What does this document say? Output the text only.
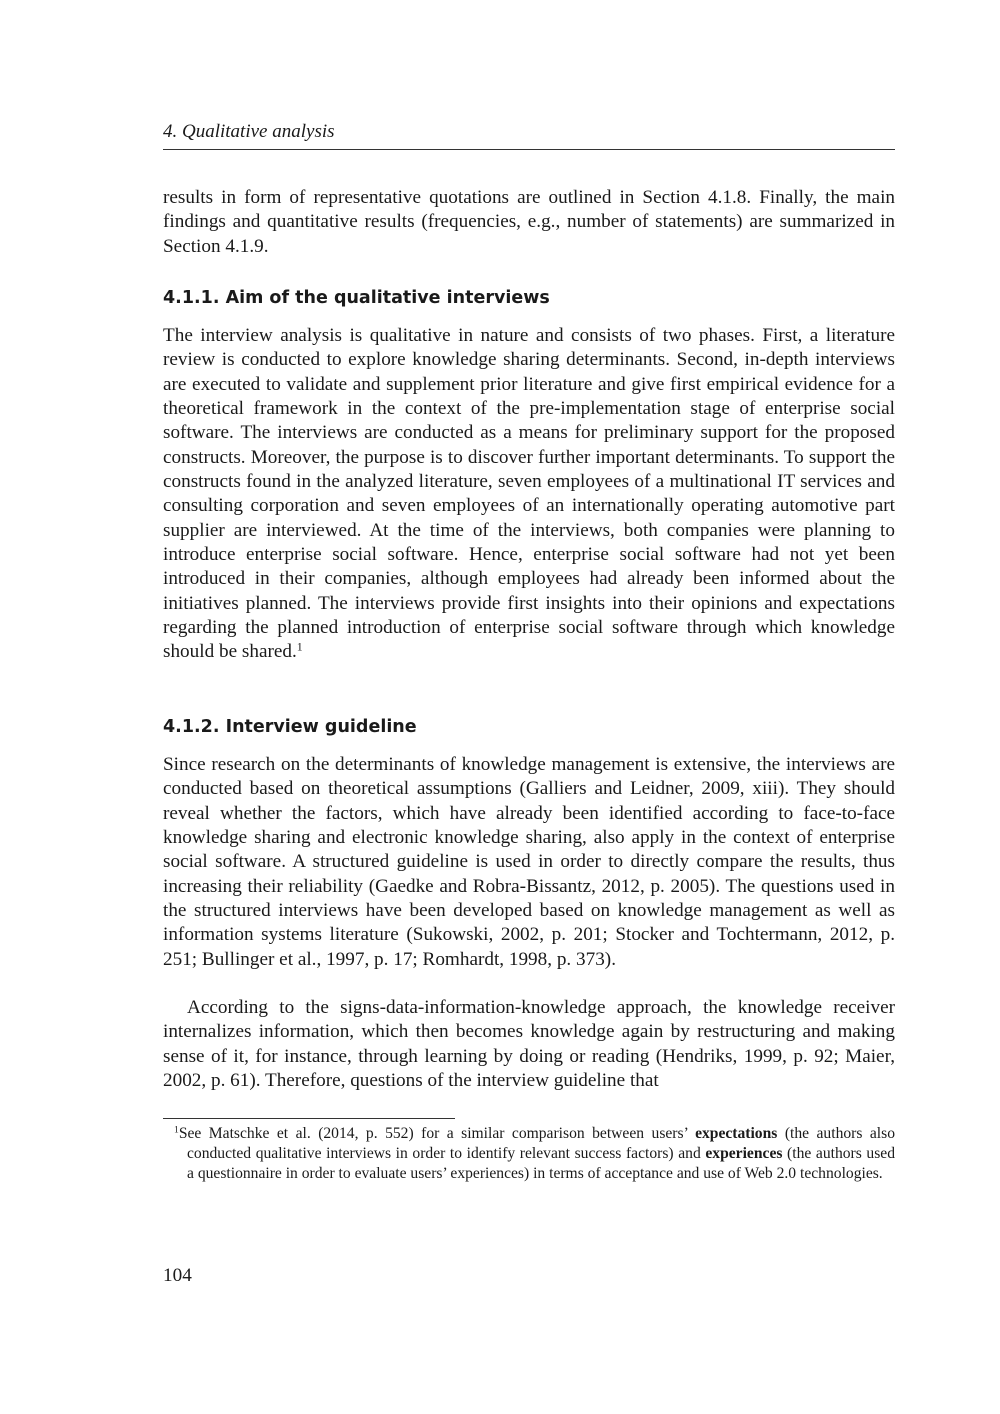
4. Qualitative analysis

results in form of representative quotations are outlined in Section 4.1.8. Finally, the main findings and quantitative results (frequencies, e.g., number of statements) are summarized in Section 4.1.9.

4.1.1. Aim of the qualitative interviews

The interview analysis is qualitative in nature and consists of two phases. First, a literature review is conducted to explore knowledge sharing determinants. Second, in-depth interviews are executed to validate and supplement prior literature and give first empirical evidence for a theoretical framework in the context of the pre-implementation stage of enterprise social software. The interviews are conducted as a means for preliminary support for the proposed constructs. Moreover, the purpose is to discover further important determinants. To support the constructs found in the analyzed literature, seven employees of a multinational IT services and consulting corporation and seven employees of an internationally operating automotive part supplier are interviewed. At the time of the interviews, both companies were planning to introduce enterprise social software. Hence, enterprise social software had not yet been introduced in their companies, although employees had already been informed about the initiatives planned. The interviews provide first insights into their opinions and expectations regarding the planned introduction of enterprise social software through which knowledge should be shared.$^1$

4.1.2. Interview guideline

Since research on the determinants of knowledge management is extensive, the interviews are conducted based on theoretical assumptions (Galliers and Leidner, 2009, xiii). They should reveal whether the factors, which have already been identified according to face-to-face knowledge sharing and electronic knowledge sharing, also apply in the context of enterprise social software. A structured guideline is used in order to directly compare the results, thus increasing their reliability (Gaedke and Robra-Bissantz, 2012, p. 2005). The questions used in the structured interviews have been developed based on knowledge management as well as information systems literature (Sukowski, 2002, p. 201; Stocker and Tochtermann, 2012, p. 251; Bullinger et al., 1997, p. 17; Romhardt, 1998, p. 373).

According to the signs-data-information-knowledge approach, the knowledge receiver internalizes information, which then becomes knowledge again by restructuring and making sense of it, for instance, through learning by doing or reading (Hendriks, 1999, p. 92; Maier, 2002, p. 61). Therefore, questions of the interview guideline that

$^1$See Matschke et al. (2014, p. 552) for a similar comparison between users’ expectations (the authors also conducted qualitative interviews in order to identify relevant success factors) and experiences (the authors used a questionnaire in order to evaluate users’ experiences) in terms of acceptance and use of Web 2.0 technologies.
104
